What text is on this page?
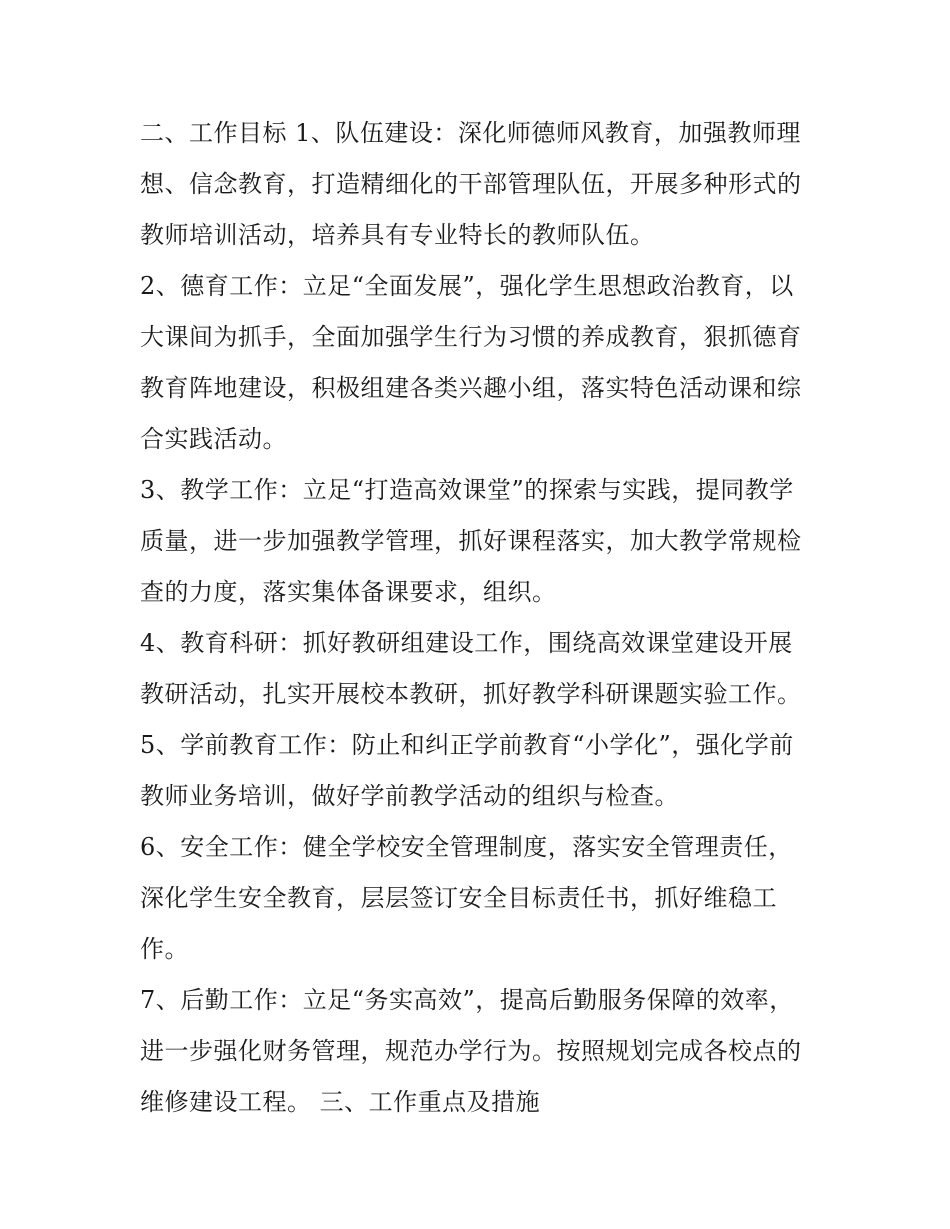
二、工作目标 1、队伍建设：深化师德师风教育，加强教师理
想、信念教育，打造精细化的干部管理队伍，开展多种形式的
教师培训活动，培养具有专业特长的教师队伍。

2、德育工作：立足“全面发展”，强化学生思想政治教育，以
大课间为抓手，全面加强学生行为习惯的养成教育，狠抓德育
教育阵地建设，积极组建各类兴趣小组，落实特色活动课和综
合实践活动。

3、教学工作：立足“打造高效课堂”的探索与实践，提同教学
质量，进一步加强教学管理，抓好课程落实，加大教学常规检
查的力度，落实集体备课要求，组织。

4、教育科研：抓好教研组建设工作，围绕高效课堂建设开展
教研活动，扎实开展校本教研，抓好教学科研课题实验工作。

5、学前教育工作：防止和纠正学前教育“小学化”，强化学前
教师业务培训，做好学前教学活动的组织与检查。

6、安全工作：健全学校安全管理制度，落实安全管理责任，
深化学生安全教育，层层签订安全目标责任书，抓好维稳工
作。

7、后勤工作：立足“务实高效”，提高后勤服务保障的效率，
进一步强化财务管理，规范办学行为。按照规划完成各校点的
维修建设工程。 三、工作重点及措施
